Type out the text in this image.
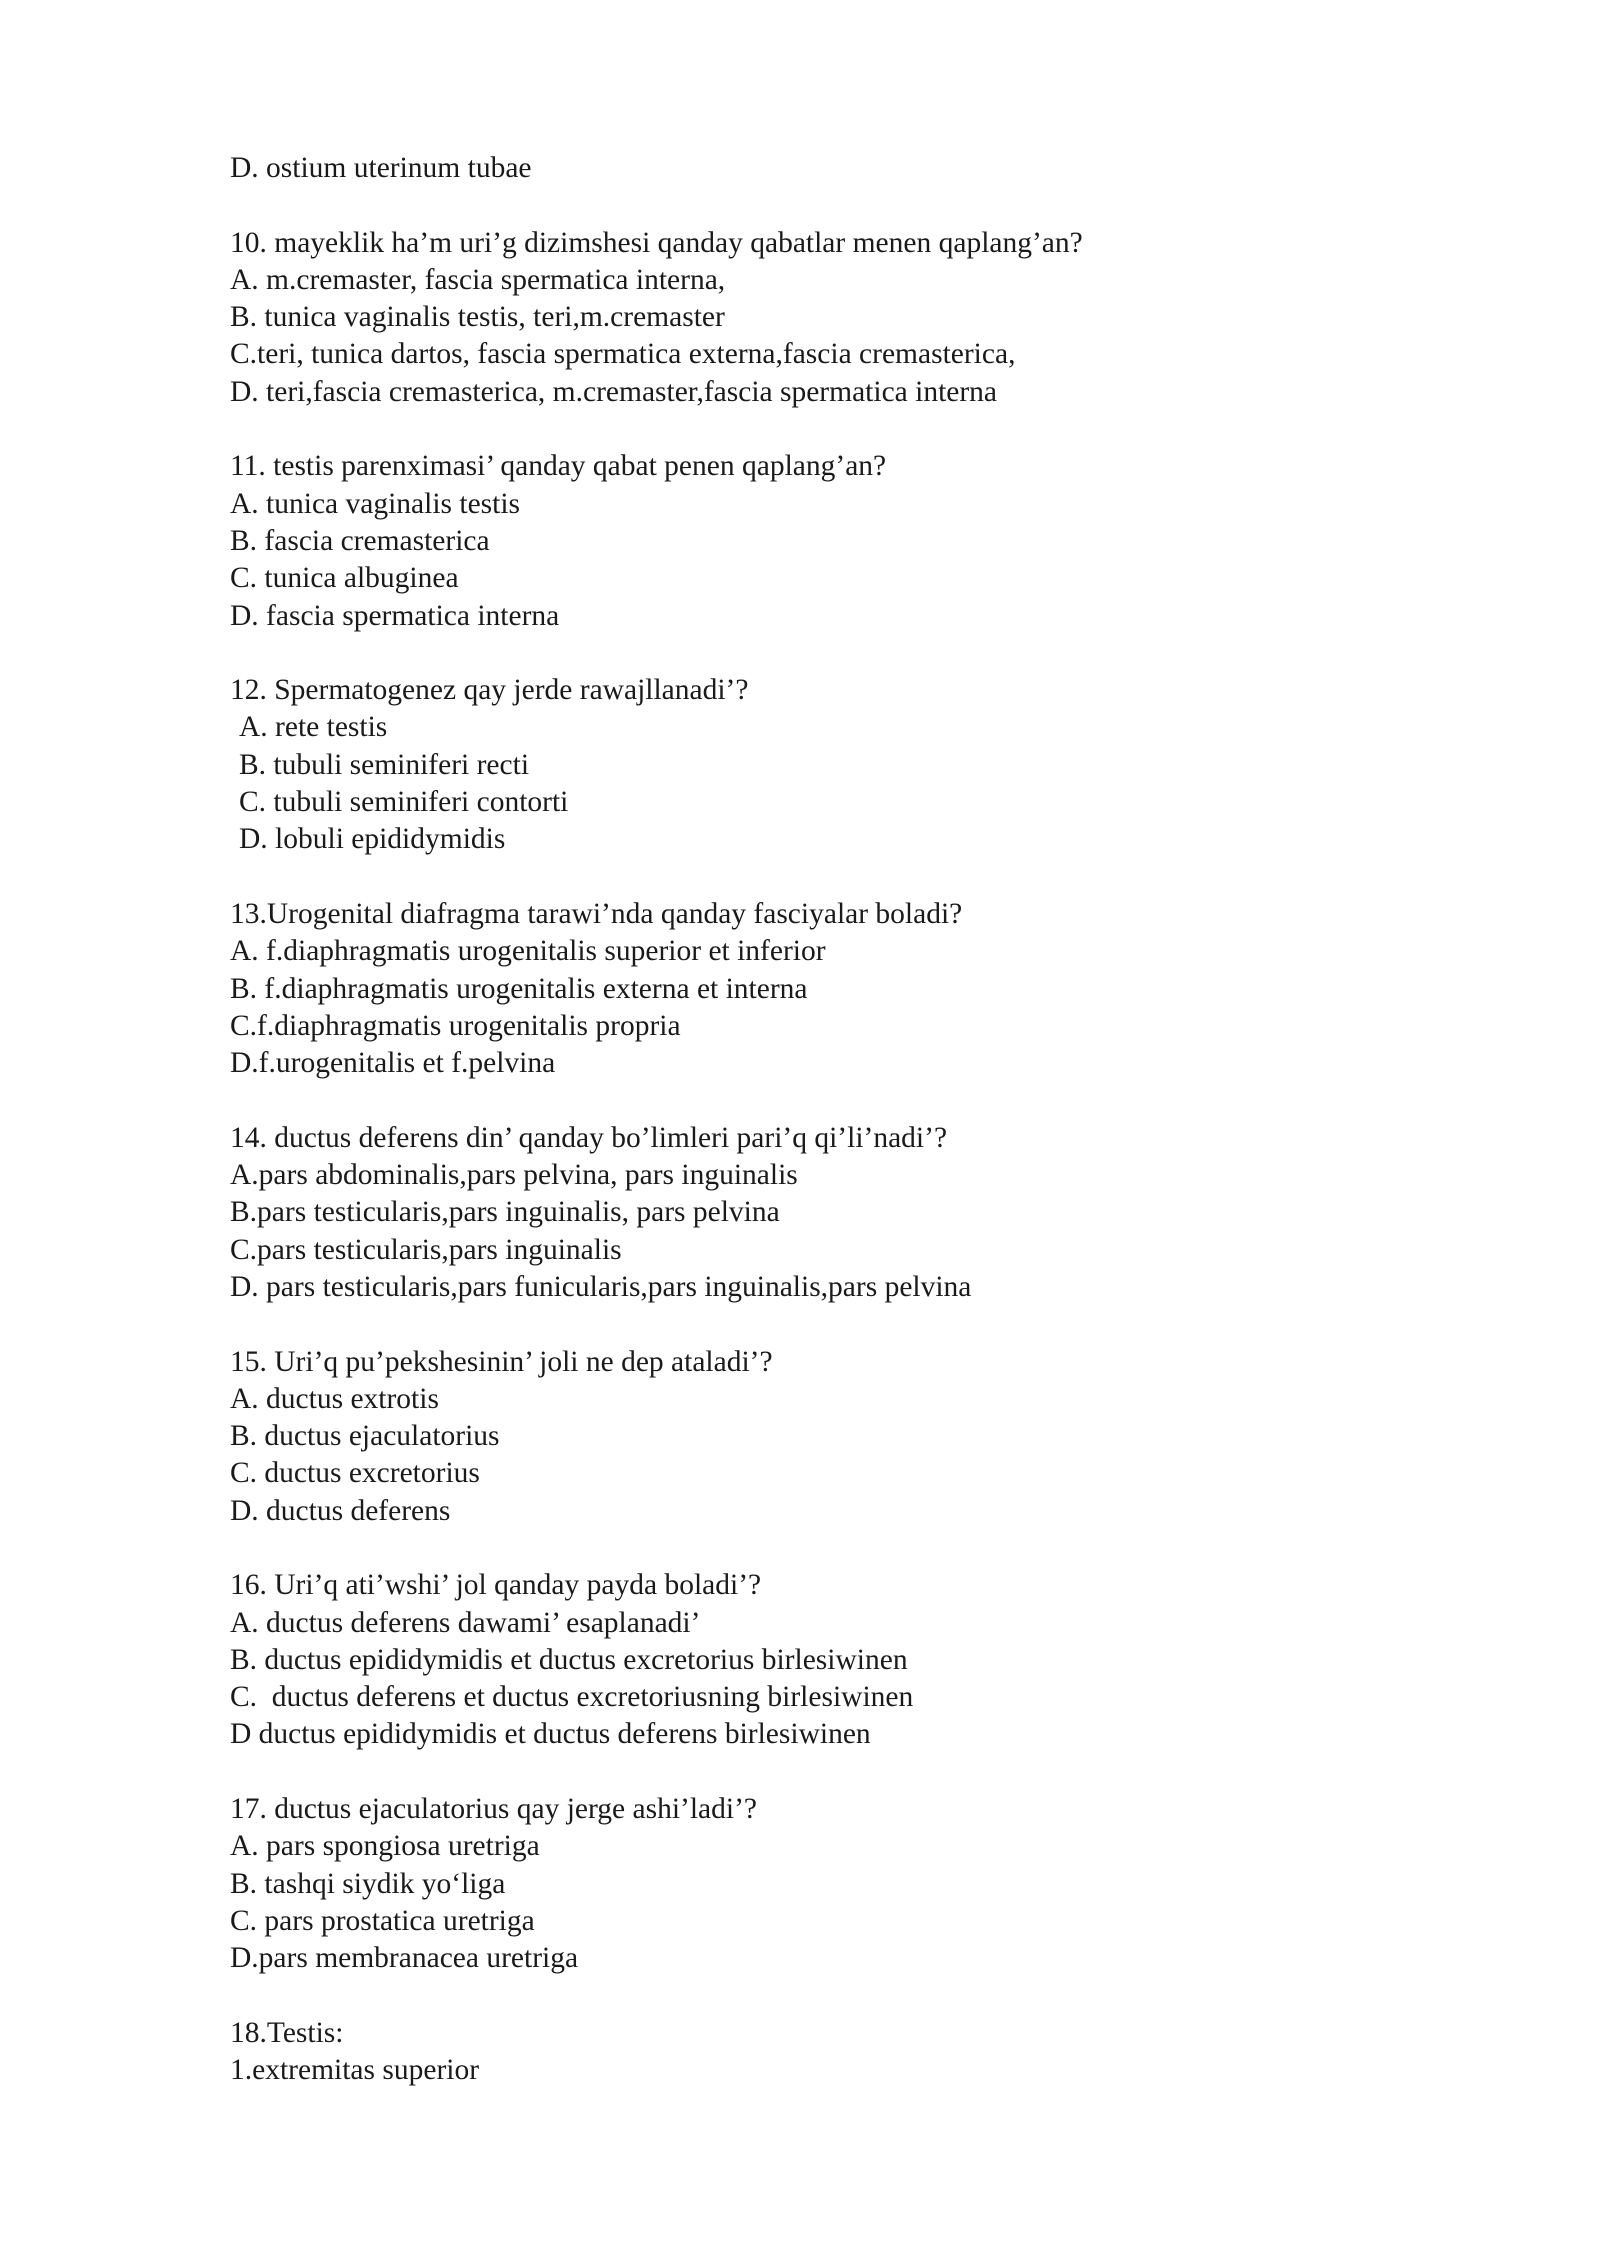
D. ostium uterinum tubae
10. mayeklik ha’m uri’g dizimshesi qanday qabatlar menen qaplang’an?
A. m.cremaster, fascia spermatica interna,
B. tunica vaginalis testis, teri,m.cremaster
C.teri, tunica dartos, fascia spermatica externa,fascia cremasterica,
D. teri,fascia cremasterica, m.cremaster,fascia spermatica interna
11. testis parenximasi’ qanday qabat penen qaplang’an?
A. tunica vaginalis testis
B. fascia cremasterica
C. tunica albuginea
D. fascia spermatica interna
12. Spermatogenez qay jerde rawajllanadi’?
A. rete testis
B. tubuli seminiferi recti
C. tubuli seminiferi contorti
D. lobuli epididymidis
13.Urogenital diafragma tarawi’nda qanday fasciyalar boladi?
A. f.diaphragmatis urogenitalis superior et inferior
B. f.diaphragmatis urogenitalis externa et interna
C.f.diaphragmatis urogenitalis propria
D.f.urogenitalis et f.pelvina
14. ductus deferens din’ qanday bo’limleri pari’q qi’li’nadi’?
A.pars abdominalis,pars pelvina, pars inguinalis
B.pars testicularis,pars inguinalis, pars pelvina
C.pars testicularis,pars inguinalis
D. pars testicularis,pars funicularis,pars inguinalis,pars pelvina
15. Uri’q pu’pekshesinin’ joli ne dep ataladi’?
A. ductus extrotis
B. ductus ejaculatorius
C. ductus excretorius
D. ductus deferens
16. Uri’q ati’wshi’ jol qanday payda boladi’?
A. ductus deferens dawami’ esaplanadi’
B. ductus epididymidis et ductus excretorius birlesiwinen
C.  ductus deferens et ductus excretoriusning birlesiwinen
D ductus epididymidis et ductus deferens birlesiwinen
17. ductus ejaculatorius qay jerge ashi’ladi’?
A. pars spongiosa uretriga
B. tashqi siydik yo‘liga
C. pars prostatica uretriga
D.pars membranacea uretriga
18.Testis:
1.extremitas superior
